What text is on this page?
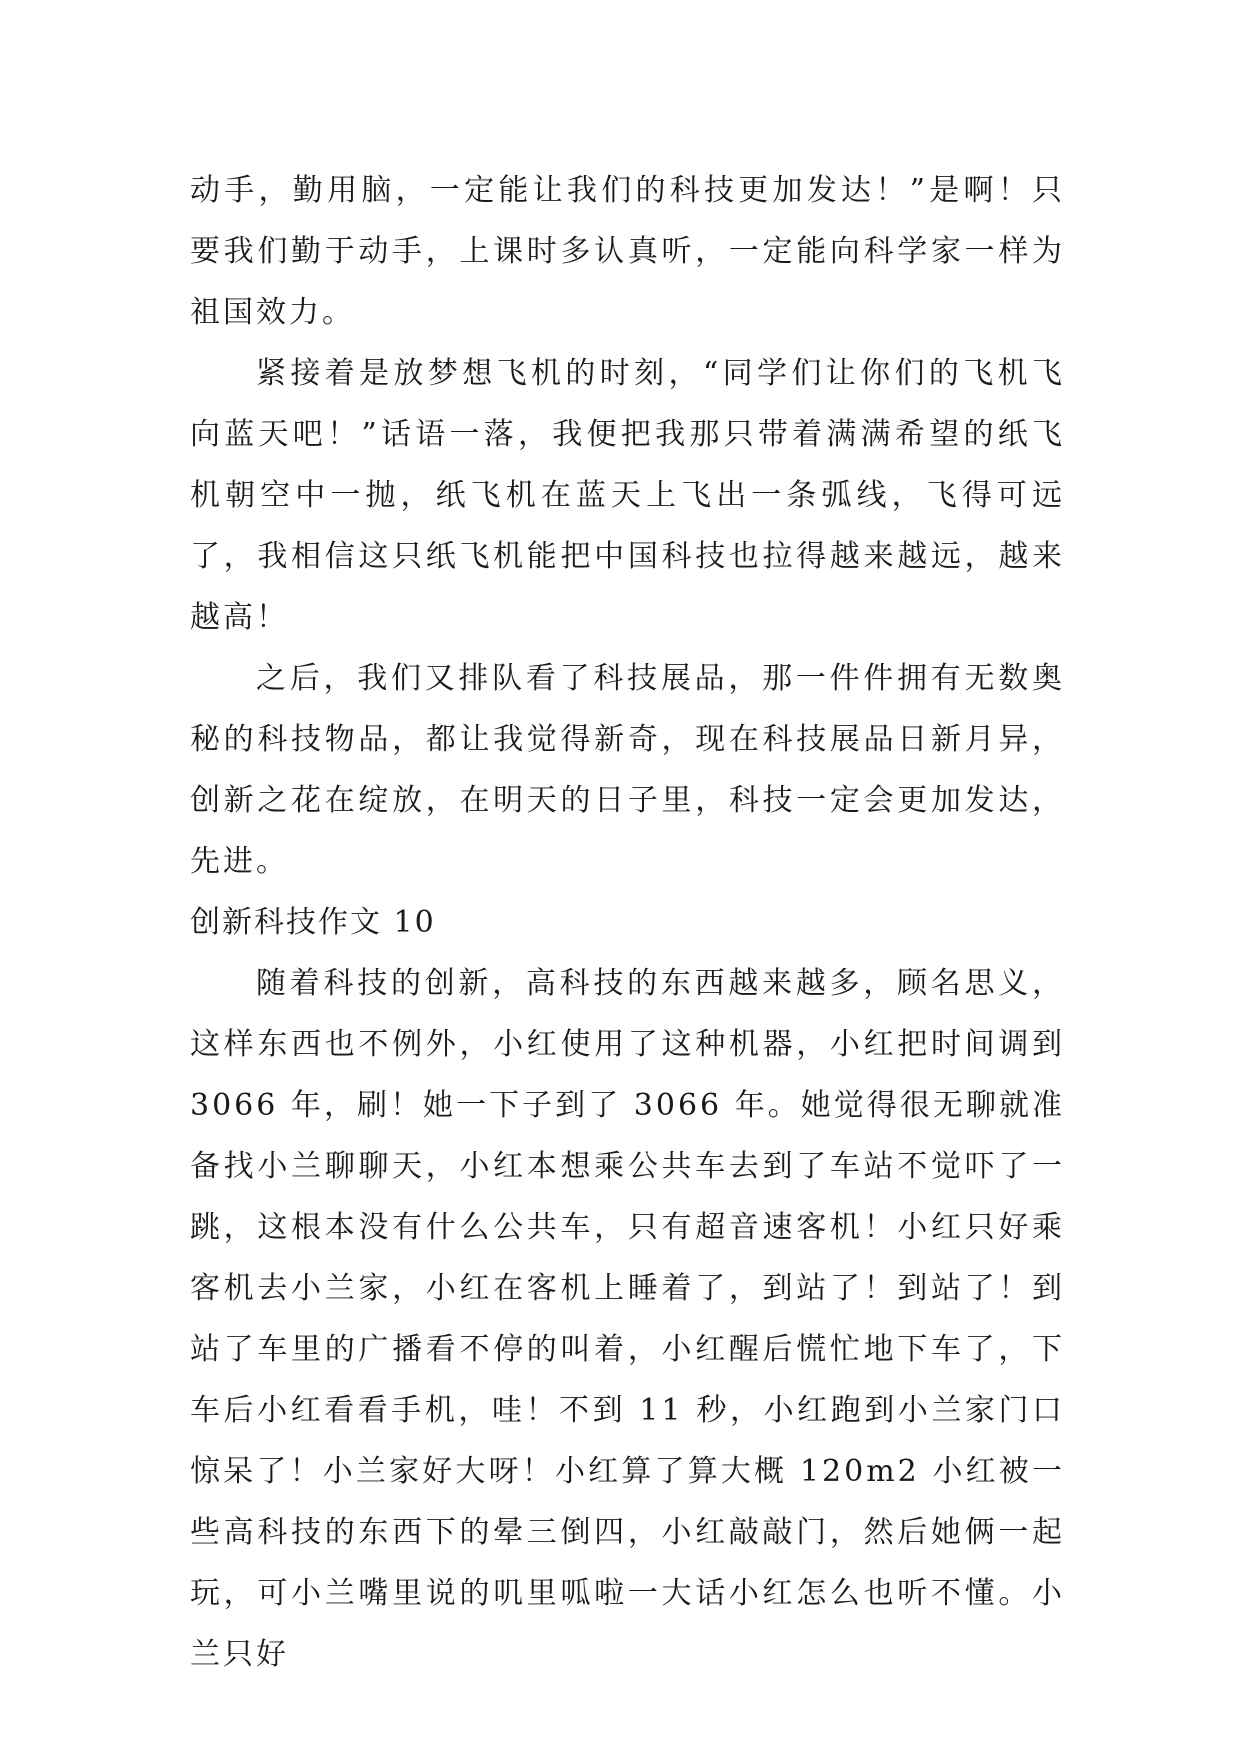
动手，勤用脑，一定能让我们的科技更加发达！”是啊！只要我们勤于动手，上课时多认真听，一定能向科学家一样为祖国效力。

紧接着是放梦想飞机的时刻，“同学们让你们的飞机飞向蓝天吧！”话语一落，我便把我那只带着满满希望的纸飞机朝空中一抛，纸飞机在蓝天上飞出一条弧线，飞得可远了，我相信这只纸飞机能把中国科技也拉得越来越远，越来越高！

之后，我们又排队看了科技展品，那一件件拥有无数奥秘的科技物品，都让我觉得新奇，现在科技展品日新月异，创新之花在绽放，在明天的日子里，科技一定会更加发达，先进。

创新科技作文 10

随着科技的创新，高科技的东西越来越多，顾名思义，这样东西也不例外，小红使用了这种机器，小红把时间调到 3066 年，刷！她一下子到了 3066 年。她觉得很无聊就准备找小兰聊聊天，小红本想乘公共车去到了车站不觉吓了一跳，这根本没有什么公共车，只有超音速客机！小红只好乘客机去小兰家，小红在客机上睡着了，到站了！到站了！到站了车里的广播看不停的叫着，小红醒后慌忙地下车了，下车后小红看看手机，哇！不到 11 秒，小红跑到小兰家门口惊呆了！小兰家好大呀！小红算了算大概 120m2 小红被一些高科技的东西下的晕三倒四，小红敲敲门，然后她俩一起玩，可小兰嘴里说的叽里呱啦一大话小红怎么也听不懂。小兰只好
